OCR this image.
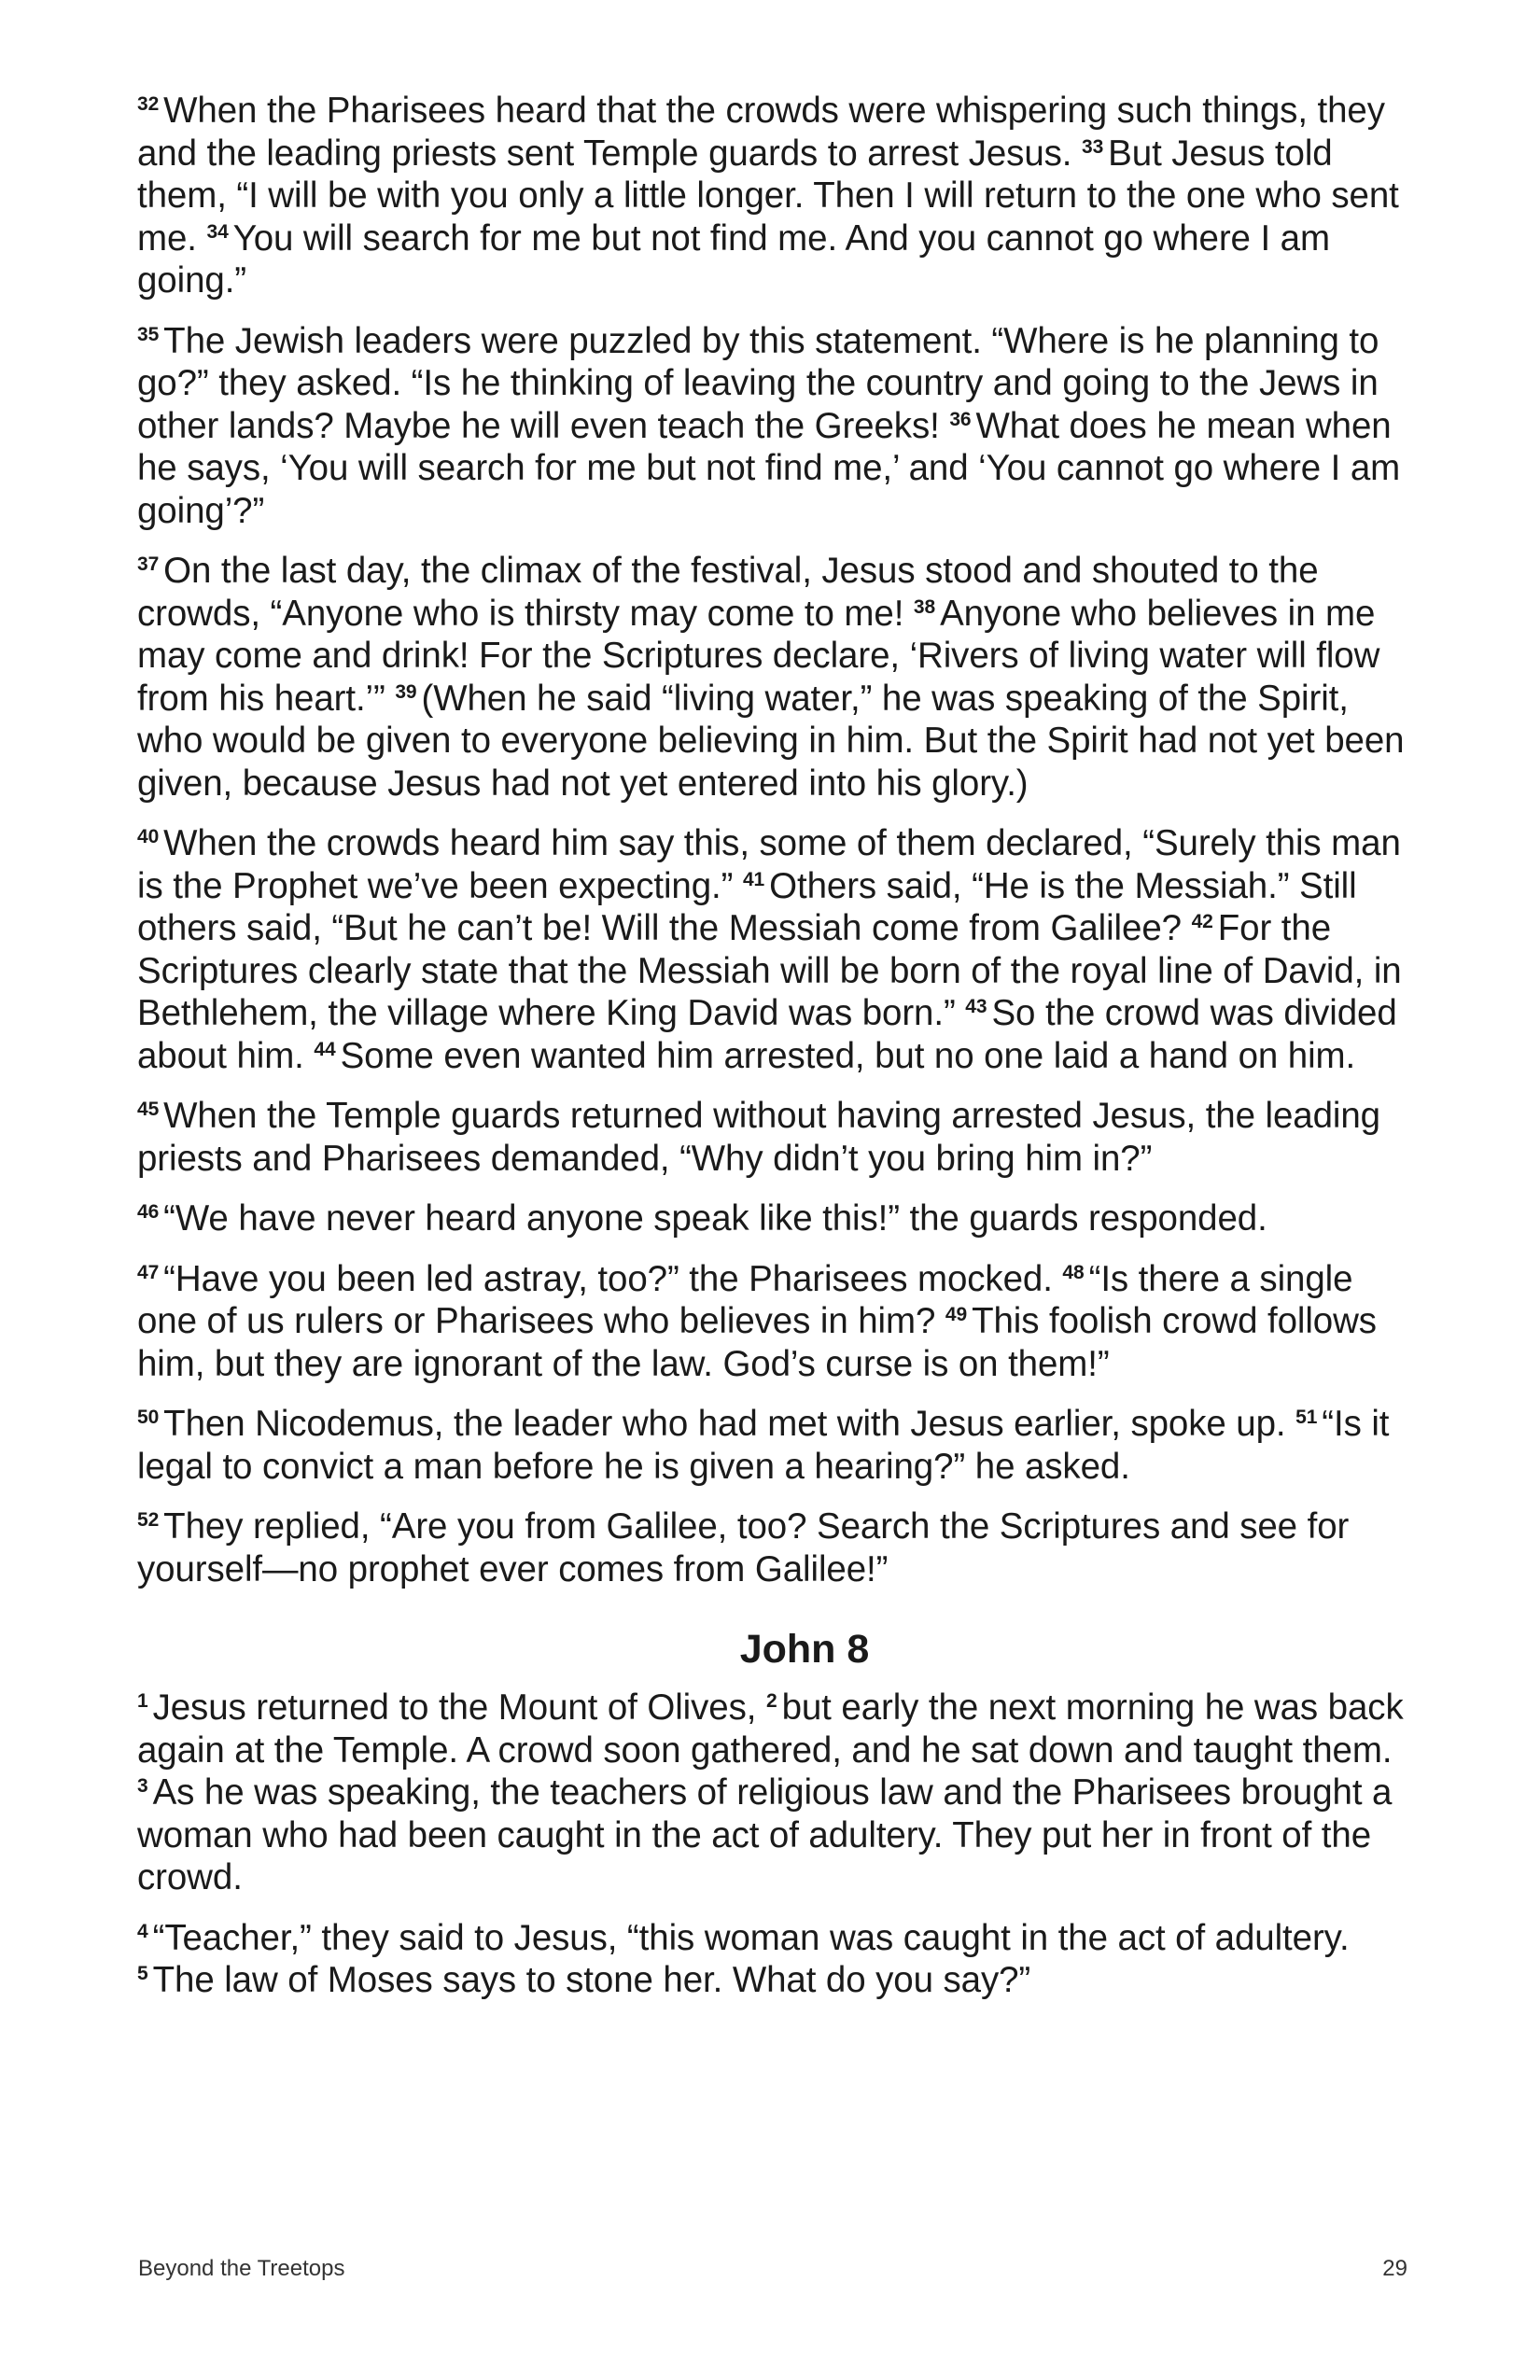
$^{32}$ When the Pharisees heard that the crowds were whispering such things, they and the leading priests sent Temple guards to arrest Jesus. $^{33}$ But Jesus told them, “I will be with you only a little longer. Then I will return to the one who sent me. $^{34}$ You will search for me but not find me. And you cannot go where I am going.”

$^{35}$ The Jewish leaders were puzzled by this statement. “Where is he planning to go?” they asked. “Is he thinking of leaving the country and going to the Jews in other lands? Maybe he will even teach the Greeks! $^{36}$ What does he mean when he says, ‘You will search for me but not find me,’ and ‘You cannot go where I am going’?”

$^{37}$ On the last day, the climax of the festival, Jesus stood and shouted to the crowds, “Anyone who is thirsty may come to me! $^{38}$ Anyone who believes in me may come and drink! For the Scriptures declare, ‘Rivers of living water will flow from his heart.’” $^{39}$ (When he said “living water,” he was speaking of the Spirit, who would be given to everyone believing in him. But the Spirit had not yet been given, because Jesus had not yet entered into his glory.)

$^{40}$ When the crowds heard him say this, some of them declared, “Surely this man is the Prophet we’ve been expecting.” $^{41}$ Others said, “He is the Messiah.” Still others said, “But he can’t be! Will the Messiah come from Galilee? $^{42}$ For the Scriptures clearly state that the Messiah will be born of the royal line of David, in Bethlehem, the village where King David was born.” $^{43}$ So the crowd was divided about him. $^{44}$ Some even wanted him arrested, but no one laid a hand on him.

$^{45}$ When the Temple guards returned without having arrested Jesus, the leading priests and Pharisees demanded, “Why didn’t you bring him in?”

$^{46}$ “We have never heard anyone speak like this!” the guards responded.

$^{47}$ “Have you been led astray, too?” the Pharisees mocked. $^{48}$ “Is there a single one of us rulers or Pharisees who believes in him? $^{49}$ This foolish crowd follows him, but they are ignorant of the law. God’s curse is on them!”

$^{50}$ Then Nicodemus, the leader who had met with Jesus earlier, spoke up. $^{51}$ “Is it legal to convict a man before he is given a hearing?” he asked.

$^{52}$ They replied, “Are you from Galilee, too? Search the Scriptures and see for yourself—no prophet ever comes from Galilee!”

John 8

$^1$ Jesus returned to the Mount of Olives, $^2$ but early the next morning he was back again at the Temple. A crowd soon gathered, and he sat down and taught them. $^3$ As he was speaking, the teachers of religious law and the Pharisees brought a woman who had been caught in the act of adultery. They put her in front of the crowd.

$^4$ “Teacher,” they said to Jesus, “this woman was caught in the act of adultery. $^5$ The law of Moses says to stone her. What do you say?”

Beyond the Treetops	29
